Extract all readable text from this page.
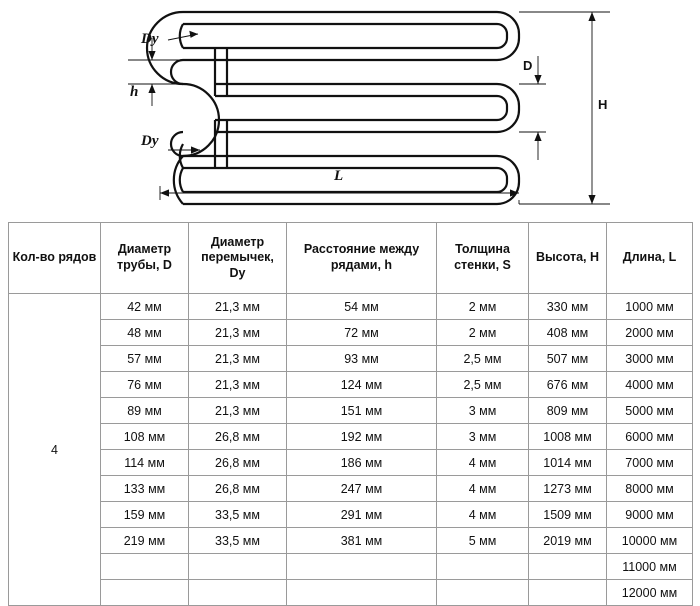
Dy
Dy
h
D
H
L
Кол-во рядов	Диаметр трубы, D	Диаметр перемычек, Dy	Расстояние между рядами, h	Толщина стенки, S	Высота, H	Длина, L
4	42 мм	21,3 мм	54 мм	2 мм	330 мм	1000 мм
	48 мм	21,3 мм	72 мм	2 мм	408 мм	2000 мм
	57 мм	21,3 мм	93 мм	2,5 мм	507 мм	3000 мм
	76 мм	21,3 мм	124 мм	2,5 мм	676 мм	4000 мм
	89 мм	21,3 мм	151 мм	3 мм	809 мм	5000 мм
	108 мм	26,8 мм	192 мм	3 мм	1008 мм	6000 мм
	114 мм	26,8 мм	186 мм	4 мм	1014 мм	7000 мм
	133 мм	26,8 мм	247 мм	4 мм	1273 мм	8000 мм
	159 мм	33,5 мм	291 мм	4 мм	1509 мм	9000 мм
	219 мм	33,5 мм	381 мм	5 мм	2019 мм	10000 мм
						11000 мм
						12000 мм
